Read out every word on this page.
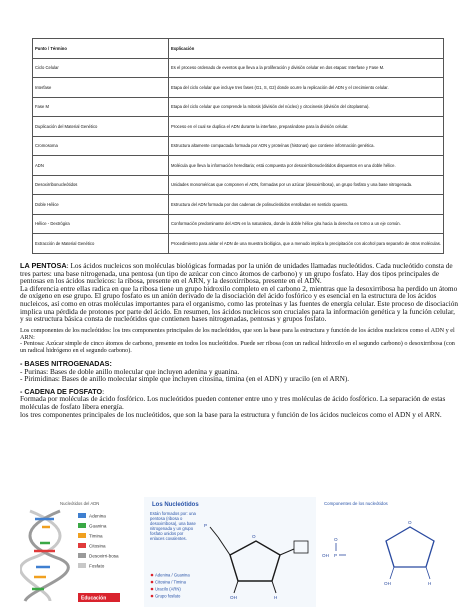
Punto / Término	Explicación
Ciclo Celular	Es el proceso ordenado de eventos que lleva a la proliferación y división celular en dos etapas: Interfase y Fase M.
Interfase	Etapa del ciclo celular que incluye tres fases (G1, S, G2) donde ocurre la replicación del ADN y el crecimiento celular.
Fase M	Etapa del ciclo celular que comprende la mitosis (división del núcleo) y citocinesis (división del citoplasma).
Duplicación del Material Genético	Proceso en el cual se duplica el ADN durante la interfase, preparándose para la división celular.
Cromosoma	Estructura altamente compactada formada por ADN y proteínas (histonas) que contiene información genética.
ADN	Molécula que lleva la información hereditaria; está compuesta por desoxirribonucleótidos dispuestos en una doble hélice.
Desoxirribonucleótidos	Unidades monoméricas que componen el ADN, formadas por un azúcar (desoxirribosa), un grupo fosfato y una base nitrogenada.
Doble Hélice	Estructura del ADN formada por dos cadenas de polinucleótidos enrolladas en sentido opuesto.
Hélice - Dextrógira	Conformación predominante del ADN en la naturaleza, donde la doble hélice gira hacia la derecha en torno a un eje común.
Extracción de Material Genético	Procedimiento para aislar el ADN de una muestra biológica, que a menudo implica la precipitación con alcohol para separarlo de otras moléculas.

LA PENTOSA: Los ácidos nucleicos son moléculas biológicas formadas por la unión de unidades llamadas nucleótidos. Cada nucleótido consta de tres partes: una base nitrogenada, una pentosa (un tipo de azúcar con cinco átomos de carbono) y un grupo fosfato. Hay dos tipos principales de pentosas en los ácidos nucleicos: la ribosa, presente en el ARN, y la desoxirribosa, presente en el ADN.

La diferencia entre ellas radica en que la ribosa tiene un grupo hidroxilo completo en el carbono 2, mientras que la desoxirribosa ha perdido un átomo de oxígeno en ese grupo. El grupo fosfato es un anión derivado de la disociación del ácido fosfórico y es esencial en la estructura de los ácidos nucleicos, así como en otras moléculas importantes para el organismo, como las proteínas y las fuentes de energía celular. Este proceso de disociación implica una pérdida de protones por parte del ácido. En resumen, los ácidos nucleicos son cruciales para la información genética y la función celular, y su estructura básica consta de nucleótidos que contienen bases nitrogenadas, pentosas y grupos fosfato.

Los componentes de los nucleótidos: los tres componentes principales de los nucleótidos, que son la base para la estructura y función de los ácidos nucleicos como el ADN y el ARN:

- Pentosa: Azúcar simple de cinco átomos de carbono, presente en todos los nucleótidos. Puede ser ribosa (con un radical hidroxilo en el segundo carbono) o desoxirribosa (con un radical hidrógeno en el segundo carbono).

- BASES NITROGENADAS:

- Purinas: Bases de doble anillo molecular que incluyen adenina y guanina.

- Pirimidinas: Bases de anillo molecular simple que incluyen citosina, timina (en el ADN) y uracilo (en el ARN).

- CADENA DE FOSFATO:

Formada por moléculas de ácido fosfórico. Los nucleótidos pueden contener entre uno y tres moléculas de ácido fosfórico. La separación de estas moléculas de fosfato libera energía.

los tres componentes principales de los nucleótidos, que son la base para la estructura y función de los ácidos nucleicos como el ADN y el ARN.

Nucleótidos del ADN
Adenina
Guanina
Timina
Citosina
Desoxirri-bosa
Fosfato
Educación
Los Nucleótidos
Están formados por: una pentosa (ribosa o desoxirribosa), una base nitrogenada y un grupo fosfato unidos por enlaces covalentes.
Adenina / Guanina
Citosina / Timina
Uracilo (ARN)
Grupo fosfato
P
O
OH	H
Componentes de los nucleótidos
O
P
OH
O
OH	H
